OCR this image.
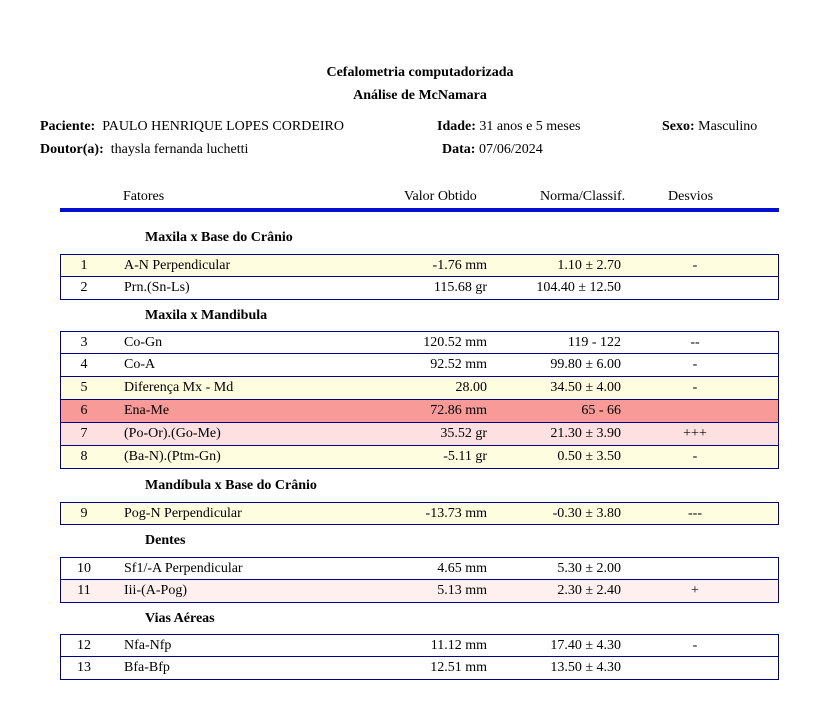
Cefalometria computadorizada
Análise de McNamara
Paciente: PAULO HENRIQUE LOPES CORDEIRO	Idade: 31 anos e 5 meses	Sexo: Masculino
Doutor(a): thaysla fernanda luchetti	Data: 07/06/2024
Fatores	Valor Obtido	Norma/Classif.	Desvios
Maxila x Base do Crânio
1	A-N Perpendicular	-1.76 mm	1.10 ± 2.70	-
2	Prn.(Sn-Ls)	115.68 gr	104.40 ± 12.50
Maxila x Mandibula
3	Co-Gn	120.52 mm	119 - 122	--
4	Co-A	92.52 mm	99.80 ± 6.00	-
5	Diferença Mx - Md	28.00	34.50 ± 4.00	-
6	Ena-Me	72.86 mm	65 - 66
7	(Po-Or).(Go-Me)	35.52 gr	21.30 ± 3.90	+++
8	(Ba-N).(Ptm-Gn)	-5.11 gr	0.50 ± 3.50	-
Mandíbula x Base do Crânio
9	Pog-N Perpendicular	-13.73 mm	-0.30 ± 3.80	---
Dentes
10	Sf1/-A Perpendicular	4.65 mm	5.30 ± 2.00
11	Iii-(A-Pog)	5.13 mm	2.30 ± 2.40	+
Vias Aéreas
12	Nfa-Nfp	11.12 mm	17.40 ± 4.30	-
13	Bfa-Bfp	12.51 mm	13.50 ± 4.30
